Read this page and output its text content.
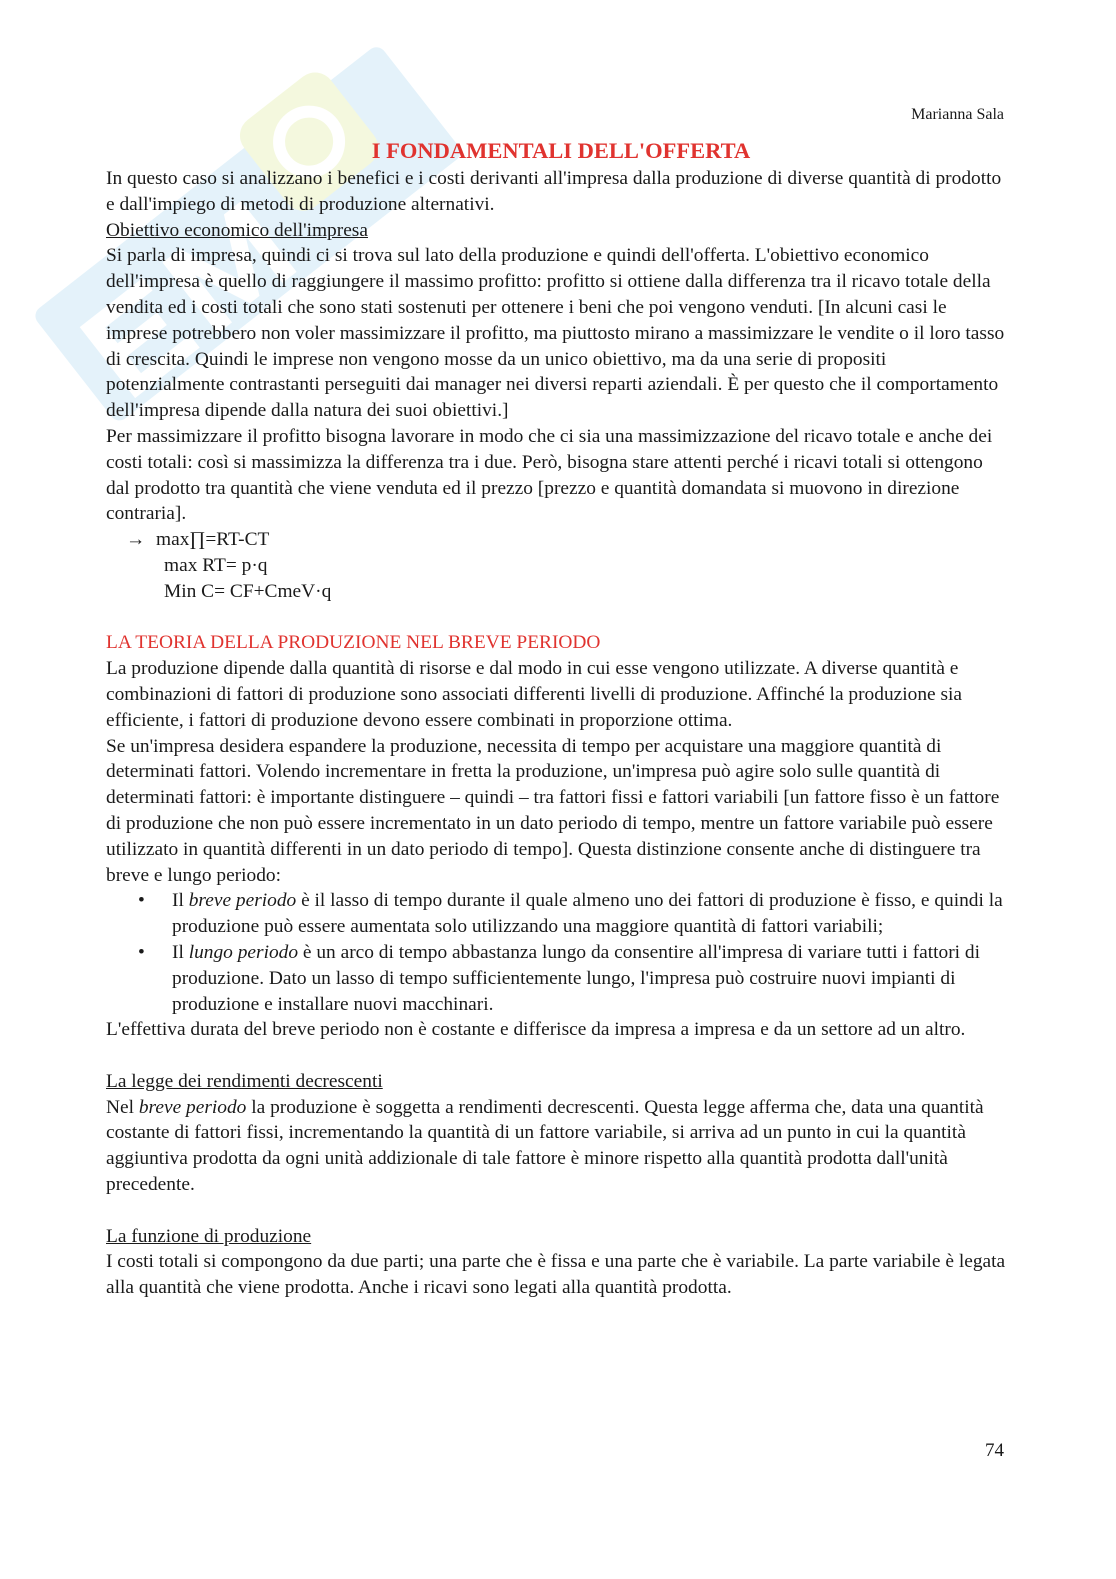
Marianna Sala
I FONDAMENTALI DELL'OFFERTA

In questo caso si analizzano i benefici e i costi derivanti all'impresa dalla produzione di diverse quantità di prodotto e dall'impiego di metodi di produzione alternativi.

Obiettivo economico dell'impresa

Si parla di impresa, quindi ci si trova sul lato della produzione e quindi dell'offerta. L'obiettivo economico dell'impresa è quello di raggiungere il massimo profitto: profitto si ottiene dalla differenza tra il ricavo totale della vendita ed i costi totali che sono stati sostenuti per ottenere i beni che poi vengono venduti. [In alcuni casi le imprese potrebbero non voler massimizzare il profitto, ma piuttosto mirano a massimizzare le vendite o il loro tasso di crescita. Quindi le imprese non vengono mosse da un unico obiettivo, ma da una serie di propositi potenzialmente contrastanti perseguiti dai manager nei diversi reparti aziendali. È per questo che il comportamento dell'impresa dipende dalla natura dei suoi obiettivi.]

Per massimizzare il profitto bisogna lavorare in modo che ci sia una massimizzazione del ricavo totale e anche dei costi totali: così si massimizza la differenza tra i due. Però, bisogna stare attenti perché i ricavi totali si ottengono dal prodotto tra quantità che viene venduta ed il prezzo [prezzo e quantità domandata si muovono in direzione contraria].

→ max∏=RT-CT

max RT= p·q

Min C= CF+CmeV·q

LA TEORIA DELLA PRODUZIONE NEL BREVE PERIODO

La produzione dipende dalla quantità di risorse e dal modo in cui esse vengono utilizzate. A diverse quantità e combinazioni di fattori di produzione sono associati differenti livelli di produzione. Affinché la produzione sia efficiente, i fattori di produzione devono essere combinati in proporzione ottima.

Se un'impresa desidera espandere la produzione, necessita di tempo per acquistare una maggiore quantità di determinati fattori. Volendo incrementare in fretta la produzione, un'impresa può agire solo sulle quantità di determinati fattori: è importante distinguere – quindi – tra fattori fissi e fattori variabili [un fattore fisso è un fattore di produzione che non può essere incrementato in un dato periodo di tempo, mentre un fattore variabile può essere utilizzato in quantità differenti in un dato periodo di tempo]. Questa distinzione consente anche di distinguere tra breve e lungo periodo:

• Il breve periodo è il lasso di tempo durante il quale almeno uno dei fattori di produzione è fisso, e quindi la produzione può essere aumentata solo utilizzando una maggiore quantità di fattori variabili;
• Il lungo periodo è un arco di tempo abbastanza lungo da consentire all'impresa di variare tutti i fattori di produzione. Dato un lasso di tempo sufficientemente lungo, l'impresa può costruire nuovi impianti di produzione e installare nuovi macchinari.

L'effettiva durata del breve periodo non è costante e differisce da impresa a impresa e da un settore ad un altro.

La legge dei rendimenti decrescenti

Nel breve periodo la produzione è soggetta a rendimenti decrescenti. Questa legge afferma che, data una quantità costante di fattori fissi, incrementando la quantità di un fattore variabile, si arriva ad un punto in cui la quantità aggiuntiva prodotta da ogni unità addizionale di tale fattore è minore rispetto alla quantità prodotta dall'unità precedente.

La funzione di produzione

I costi totali si compongono da due parti; una parte che è fissa e una parte che è variabile. La parte variabile è legata alla quantità che viene prodotta. Anche i ricavi sono legati alla quantità prodotta.

74
